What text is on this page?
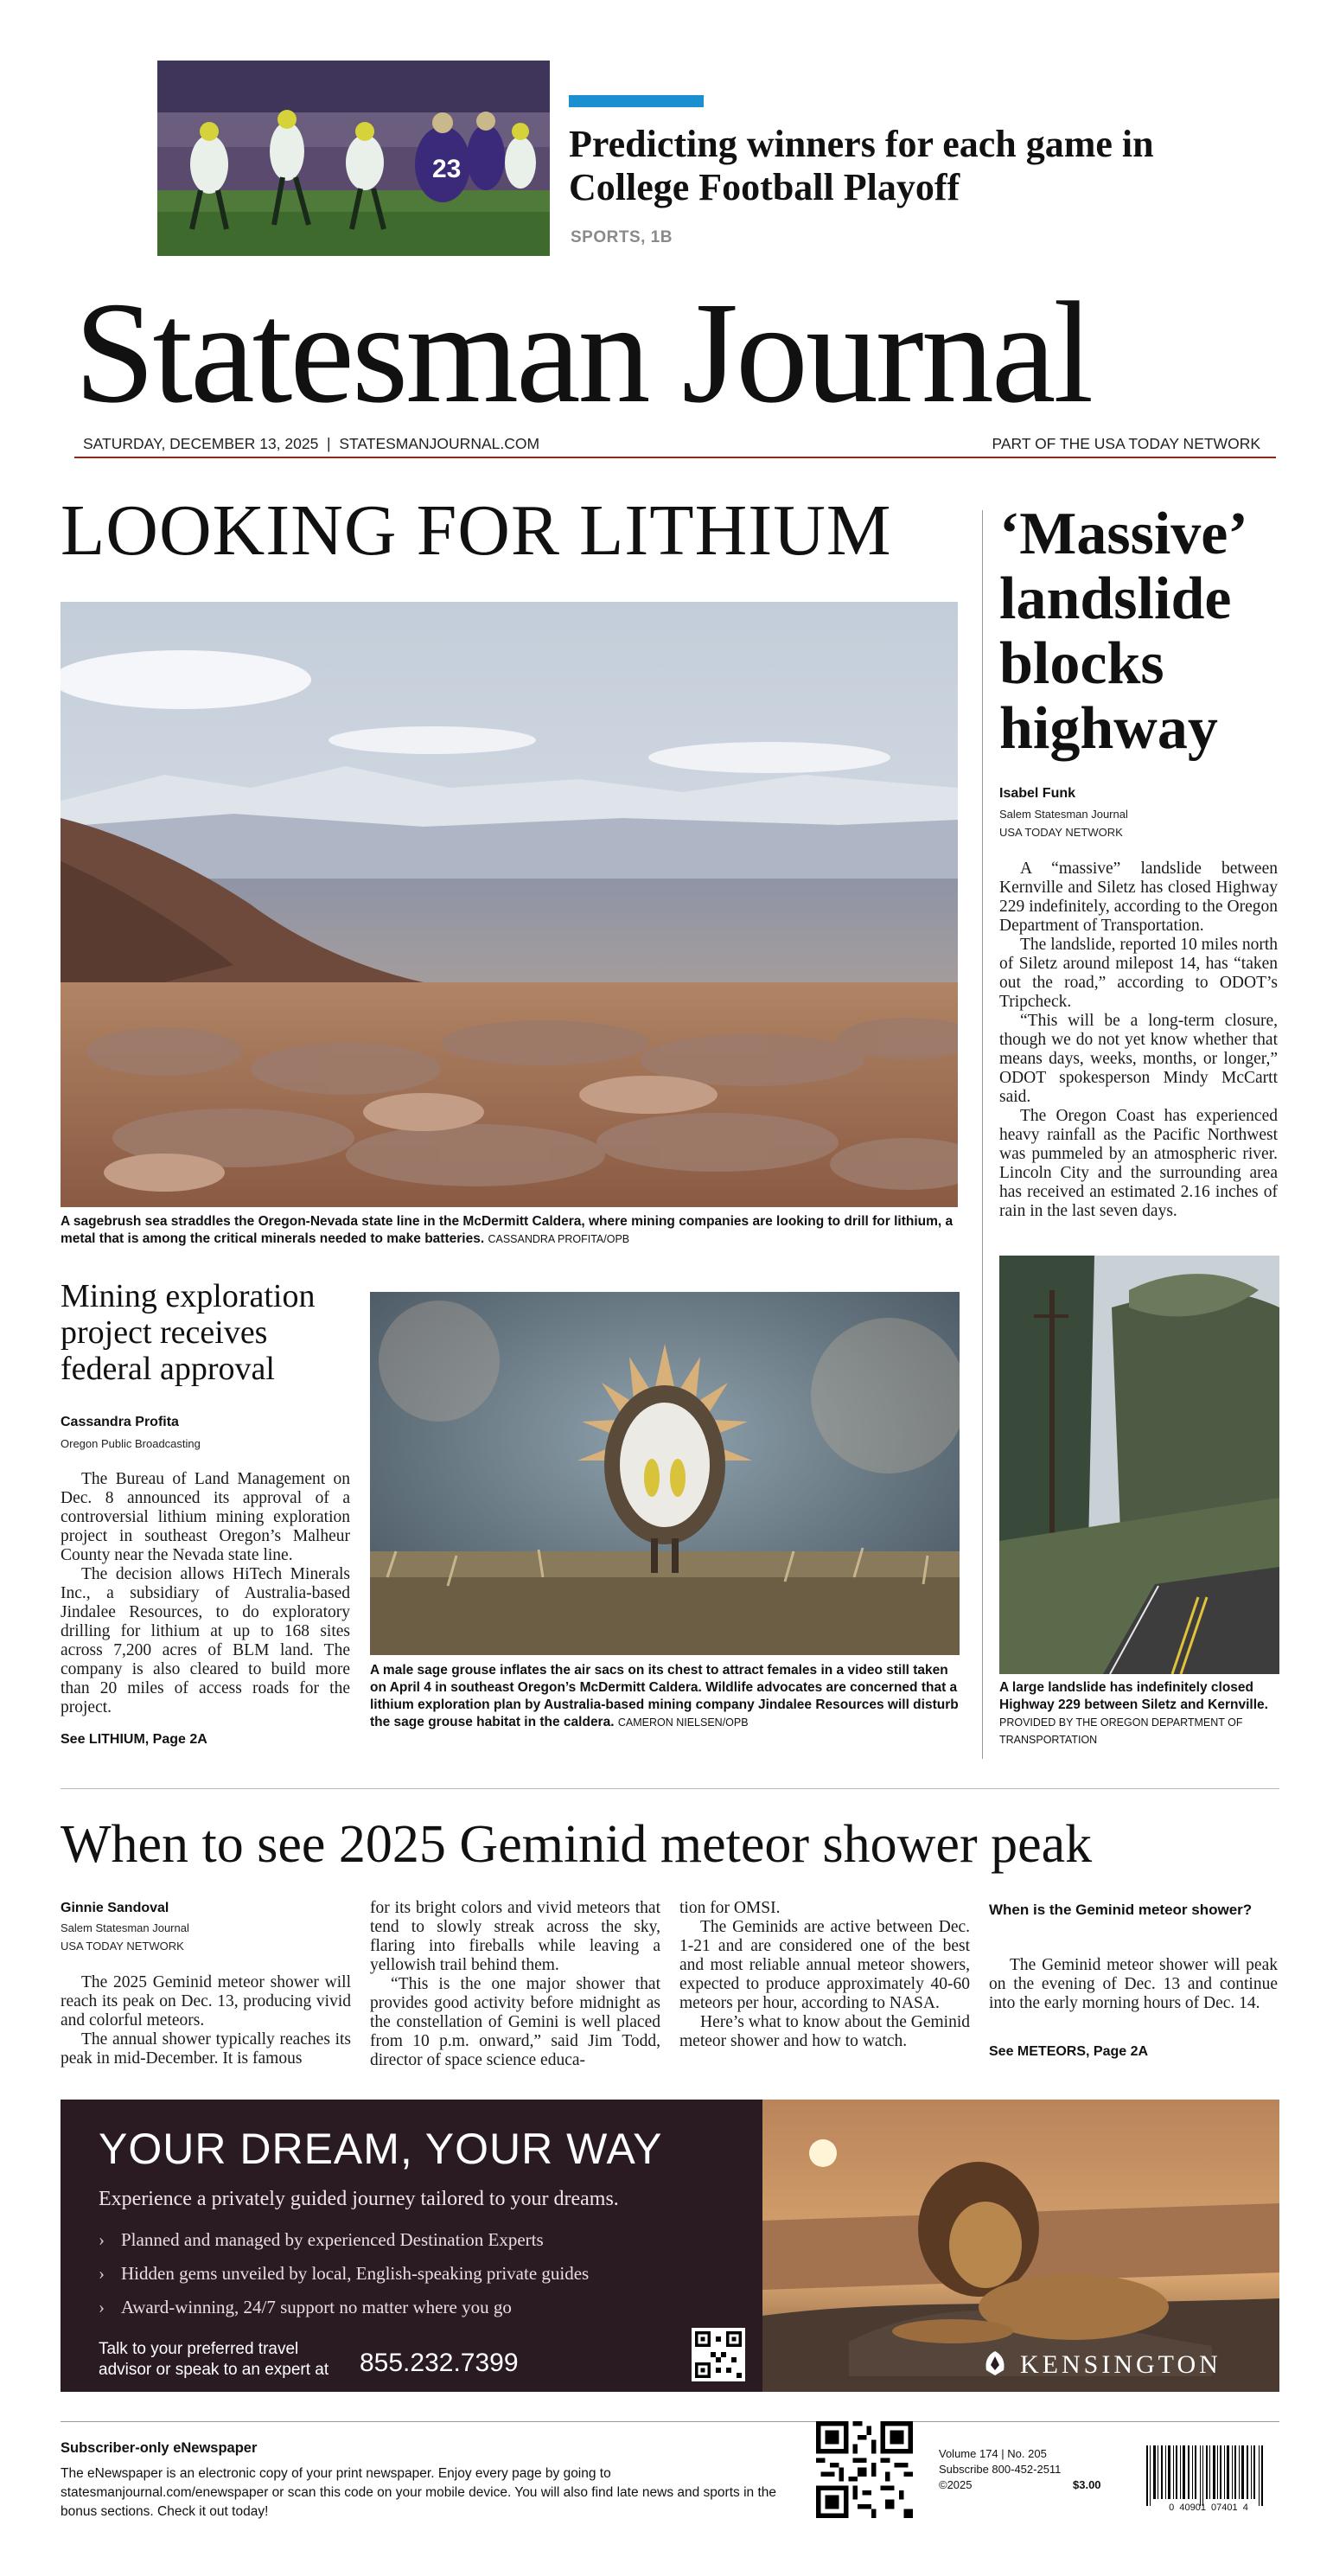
23
Predicting winners for each game in College Football Playoff
SPORTS, 1B
Statesman Journal
SATURDAY, DECEMBER 13, 2025  |  STATESMANJOURNAL.COM	PART OF THE USA TODAY NETWORK
LOOKING FOR LITHIUM
A sagebrush sea straddles the Oregon-Nevada state line in the McDermitt Caldera, where mining companies are looking to drill for lithium, a metal that is among the critical minerals needed to make batteries. CASSANDRA PROFITA/OPB
Mining exploration project receives federal approval
Cassandra Profita
Oregon Public Broadcasting

The Bureau of Land Management on Dec. 8 announced its approval of a controversial lithium mining exploration project in southeast Oregon’s Malheur County near the Nevada state line.

The decision allows HiTech Minerals Inc., a subsidiary of Australia-based Jindalee Resources, to do exploratory drilling for lithium at up to 168 sites across 7,200 acres of BLM land. The company is also cleared to build more than 20 miles of access roads for the project.

See LITHIUM, Page 2A
A male sage grouse inflates the air sacs on its chest to attract females in a video still taken on April 4 in southeast Oregon’s McDermitt Caldera. Wildlife advocates are concerned that a lithium exploration plan by Australia-based mining company Jindalee Resources will disturb the sage grouse habitat in the caldera. CAMERON NIELSEN/OPB
‘Massive’ landslide blocks highway
Isabel Funk
Salem Statesman Journal
USA TODAY NETWORK

A “massive” landslide between Kernville and Siletz has closed Highway 229 indefinitely, according to the Oregon Department of Transportation.

The landslide, reported 10 miles north of Siletz around milepost 14, has “taken out the road,” according to ODOT’s Tripcheck.

“This will be a long-term closure, though we do not yet know whether that means days, weeks, months, or longer,” ODOT spokesperson Mindy McCartt said.

The Oregon Coast has experienced heavy rainfall as the Pacific Northwest was pummeled by an atmospheric river. Lincoln City and the surrounding area has received an estimated 2.16 inches of rain in the last seven days.

A large landslide has indefinitely closed Highway 229 between Siletz and Kernville. PROVIDED BY THE OREGON DEPARTMENT OF TRANSPORTATION
When to see 2025 Geminid meteor shower peak
Ginnie Sandoval
Salem Statesman Journal
USA TODAY NETWORK

The 2025 Geminid meteor shower will reach its peak on Dec. 13, producing vivid and colorful meteors.

The annual shower typically reaches its peak in mid-December. It is famous

for its bright colors and vivid meteors that tend to slowly streak across the sky, flaring into fireballs while leaving a yellowish trail behind them.

“This is the one major shower that provides good activity before midnight as the constellation of Gemini is well placed from 10 p.m. onward,” said Jim Todd, director of space science educa-

tion for OMSI.

The Geminids are active between Dec. 1-21 and are considered one of the best and most reliable annual meteor showers, expected to produce approximately 40-60 meteors per hour, according to NASA.

Here’s what to know about the Geminid meteor shower and how to watch.

When is the Geminid meteor shower?

The Geminid meteor shower will peak on the evening of Dec. 13 and continue into the early morning hours of Dec. 14.

See METEORS, Page 2A
YOUR DREAM, YOUR WAY
Experience a privately guided journey tailored to your dreams.
› Planned and managed by experienced Destination Experts
› Hidden gems unveiled by local, English-speaking private guides
› Award-winning, 24/7 support no matter where you go
Talk to your preferred travel
advisor or speak to an expert at 855.232.7399	KENSINGTON
Subscriber-only eNewspaper
The eNewspaper is an electronic copy of your print newspaper. Enjoy every page by going to statesmanjournal.com/enewspaper or scan this code on your mobile device. You will also find late news and sports in the bonus sections. Check it out today!
Volume 174 | No. 205
Subscribe 800-452-2511
©2025	$3.00
0  40901  07401  4
